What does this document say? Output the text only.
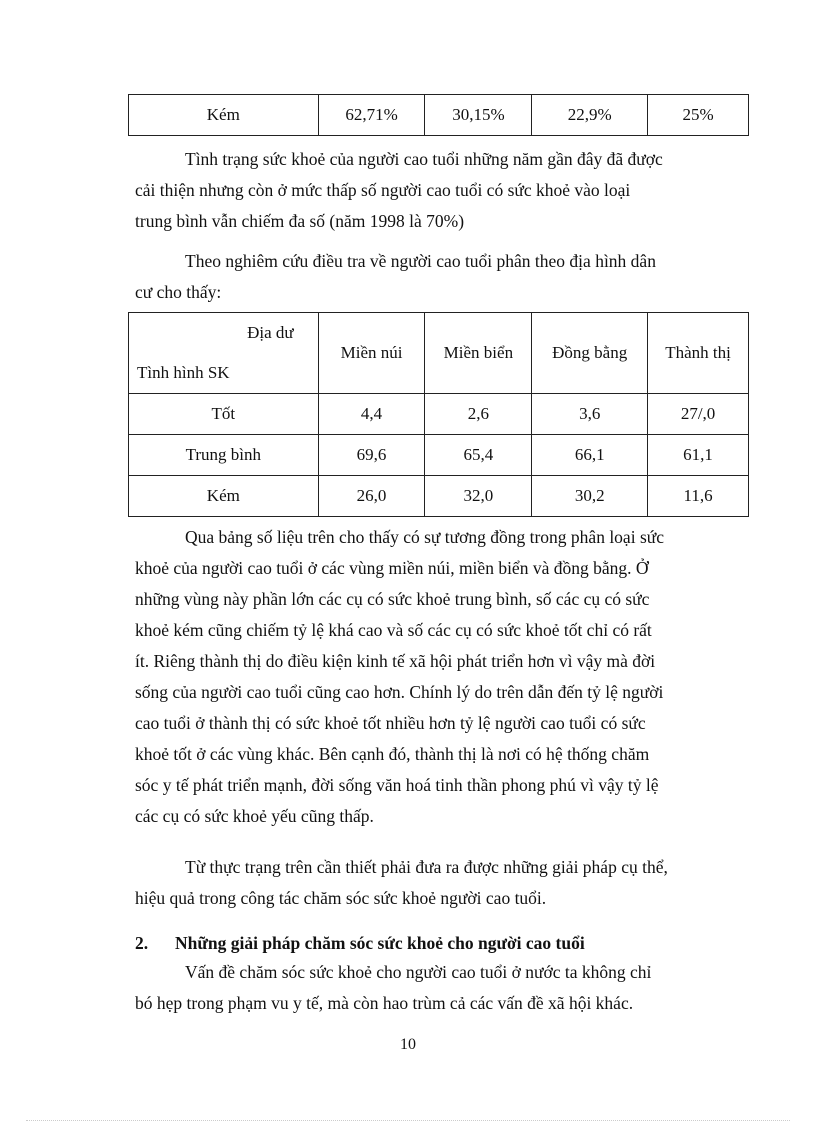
Kém	62,71%	30,15%	22,9%	25%
Tình trạng sức khoẻ của người cao tuổi những năm gần đây đã được
cải thiện nhưng còn ở mức thấp số người cao tuổi có sức khoẻ vào loại
trung bình vẫn chiếm đa số (năm 1998 là 70%)
Theo nghiêm cứu điều tra về người cao tuổi phân theo địa hình dân
cư cho thấy:
Địa dư
Tình hình SK	Miền núi	Miền biển	Đồng bằng	Thành thị
Tốt	4,4	2,6	3,6	27/,0
Trung bình	69,6	65,4	66,1	61,1
Kém	26,0	32,0	30,2	11,6
Qua bảng số liệu trên cho thấy có sự tương đồng trong phân loại sức
khoẻ của người cao tuổi ở các vùng miền núi, miền biển và đồng bằng. Ở
những vùng này phần lớn các cụ có sức khoẻ trung bình, số các cụ có sức
khoẻ kém cũng chiếm tỷ lệ khá cao và số các cụ có sức khoẻ tốt chỉ có rất
ít. Riêng thành thị do điều kiện kinh tế xã hội phát triển hơn vì vậy mà đời
sống của người cao tuổi cũng cao hơn. Chính lý do trên dẫn đến tỷ lệ người
cao tuổi ở thành thị có sức khoẻ tốt nhiều hơn tỷ lệ người cao tuổi có sức
khoẻ tốt ở các vùng khác. Bên cạnh đó, thành thị là nơi có hệ thống chăm
sóc y tế phát triển mạnh, đời sống văn hoá tinh thần phong phú vì vậy tỷ lệ
các cụ có sức khoẻ yếu cũng thấp.
Từ thực trạng trên cần thiết phải đưa ra được những giải pháp cụ thể,
hiệu quả trong công tác chăm sóc sức khoẻ người cao tuổi.
2. Những giải pháp chăm sóc sức khoẻ cho người cao tuổi
Vấn đề chăm sóc sức khoẻ cho người cao tuổi ở nước ta không chỉ
bó hẹp trong phạm vu y tế, mà còn hao trùm cả các vấn đề xã hội khác.
10
